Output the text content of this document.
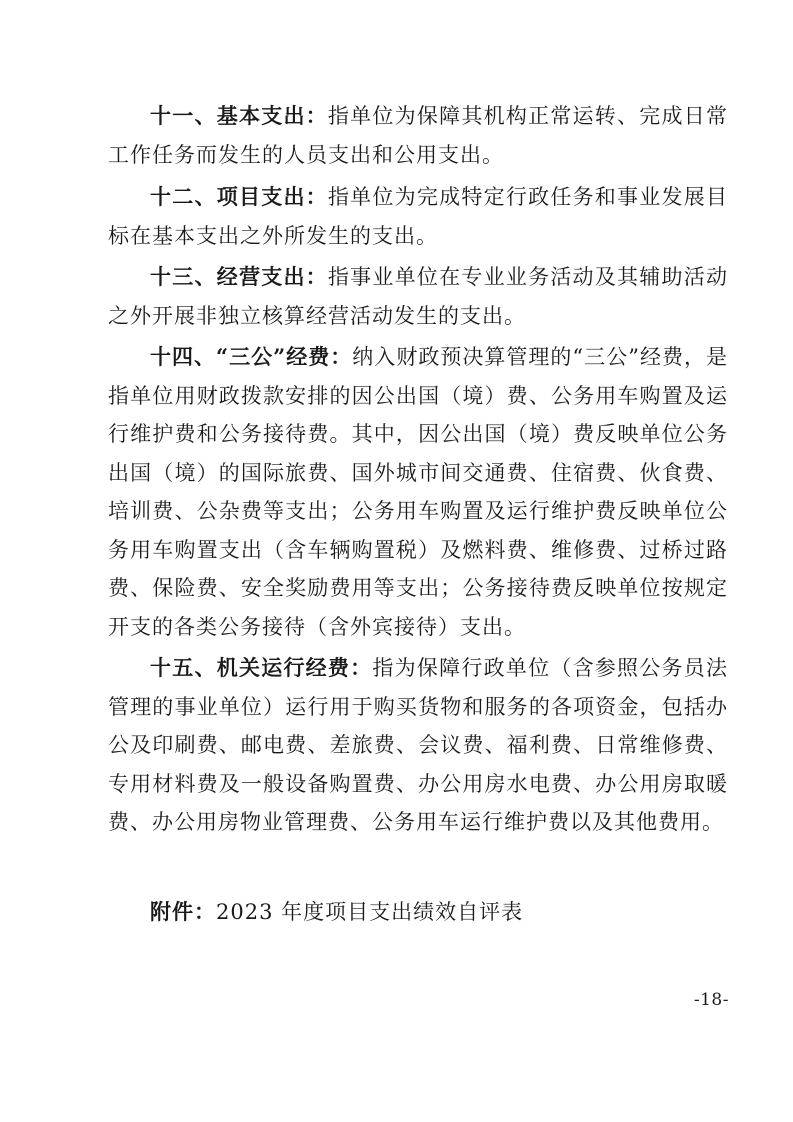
十一、基本支出：指单位为保障其机构正常运转、完成日常工作任务而发生的人员支出和公用支出。

十二、项目支出：指单位为完成特定行政任务和事业发展目标在基本支出之外所发生的支出。

十三、经营支出：指事业单位在专业业务活动及其辅助活动之外开展非独立核算经营活动发生的支出。

十四、“三公”经费：纳入财政预决算管理的“三公”经费，是指单位用财政拨款安排的因公出国（境）费、公务用车购置及运行维护费和公务接待费。其中，因公出国（境）费反映单位公务出国（境）的国际旅费、国外城市间交通费、住宿费、伙食费、培训费、公杂费等支出；公务用车购置及运行维护费反映单位公务用车购置支出（含车辆购置税）及燃料费、维修费、过桥过路费、保险费、安全奖励费用等支出；公务接待费反映单位按规定开支的各类公务接待（含外宾接待）支出。

十五、机关运行经费：指为保障行政单位（含参照公务员法管理的事业单位）运行用于购买货物和服务的各项资金，包括办公及印刷费、邮电费、差旅费、会议费、福利费、日常维修费、专用材料费及一般设备购置费、办公用房水电费、办公用房取暖费、办公用房物业管理费、公务用车运行维护费以及其他费用。

附件：2023 年度项目支出绩效自评表

-18-
